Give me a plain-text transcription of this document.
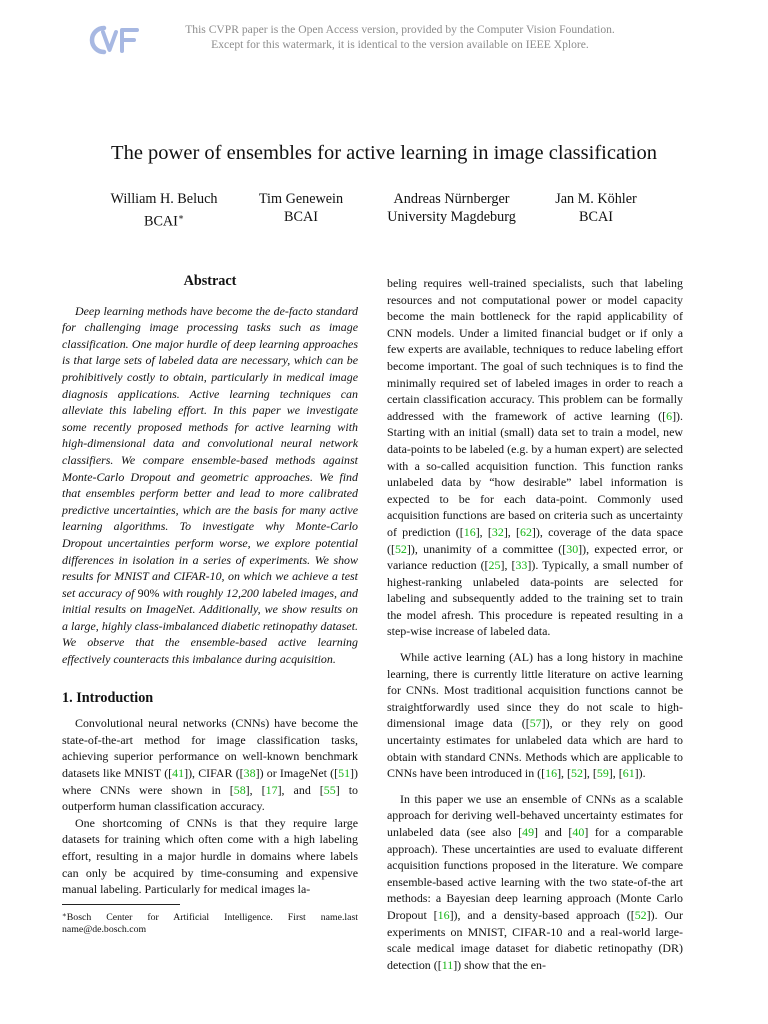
This CVPR paper is the Open Access version, provided by the Computer Vision Foundation.
Except for this watermark, it is identical to the version available on IEEE Xplore.
The power of ensembles for active learning in image classification
William H. Beluch
BCAI∗
Tim Genewein
BCAI
Andreas Nürnberger
University Magdeburg
Jan M. Köhler
BCAI
Abstract

Deep learning methods have become the de-facto standard for challenging image processing tasks such as image classification. One major hurdle of deep learning approaches is that large sets of labeled data are necessary, which can be prohibitively costly to obtain, particularly in medical image diagnosis applications. Active learning techniques can alleviate this labeling effort. In this paper we investigate some recently proposed methods for active learning with high-dimensional data and convolutional neural network classifiers. We compare ensemble-based methods against Monte-Carlo Dropout and geometric approaches. We find that ensembles perform better and lead to more calibrated predictive uncertainties, which are the basis for many active learning algorithms. To investigate why Monte-Carlo Dropout uncertainties perform worse, we explore potential differences in isolation in a series of experiments. We show results for MNIST and CIFAR-10, on which we achieve a test set accuracy of 90% with roughly 12,200 labeled images, and initial results on ImageNet. Additionally, we show results on a large, highly class-imbalanced diabetic retinopathy dataset. We observe that the ensemble-based active learning effectively counteracts this imbalance during acquisition.

1. Introduction

Convolutional neural networks (CNNs) have become the state-of-the-art method for image classification tasks, achieving superior performance on well-known benchmark datasets like MNIST ([41]), CIFAR ([38]) or ImageNet ([51]) where CNNs were shown in [58], [17], and [55] to outperform human classification accuracy.

One shortcoming of CNNs is that they require large datasets for training which often come with a high labeling effort, resulting in a major hurdle in domains where labels can only be acquired by time-consuming and expensive manual labeling. Particularly for medical images la-

∗Bosch Center for Artificial Intelligence. First name.last name@de.bosch.com

beling requires well-trained specialists, such that labeling resources and not computational power or model capacity become the main bottleneck for the rapid applicability of CNN models. Under a limited financial budget or if only a few experts are available, techniques to reduce labeling effort become important. The goal of such techniques is to find the minimally required set of labeled images in order to reach a certain classification accuracy. This problem can be formally addressed with the framework of active learning ([6]). Starting with an initial (small) data set to train a model, new data-points to be labeled (e.g. by a human expert) are selected with a so-called acquisition function. This function ranks unlabeled data by “how desirable” label information is expected to be for each data-point. Commonly used acquisition functions are based on criteria such as uncertainty of prediction ([16], [32], [62]), coverage of the data space ([52]), unanimity of a committee ([30]), expected error, or variance reduction ([25], [33]). Typically, a small number of highest-ranking unlabeled data-points are selected for labeling and subsequently added to the training set to train the model afresh. This procedure is repeated resulting in a step-wise increase of labeled data.

While active learning (AL) has a long history in machine learning, there is currently little literature on active learning for CNNs. Most traditional acquisition functions cannot be straightforwardly used since they do not scale to high-dimensional image data ([57]), or they rely on good uncertainty estimates for unlabeled data which are hard to obtain with standard CNNs. Methods which are applicable to CNNs have been introduced in ([16], [52], [59], [61]).

In this paper we use an ensemble of CNNs as a scalable approach for deriving well-behaved uncertainty estimates for unlabeled data (see also [49] and [40] for a comparable approach). These uncertainties are used to evaluate different acquisition functions proposed in the literature. We compare ensemble-based active learning with the two state-of-the art methods: a Bayesian deep learning approach (Monte Carlo Dropout [16]), and a density-based approach ([52]). Our experiments on MNIST, CIFAR-10 and a real-world large-scale medical image dataset for diabetic retinopathy (DR) detection ([11]) show that the en-
